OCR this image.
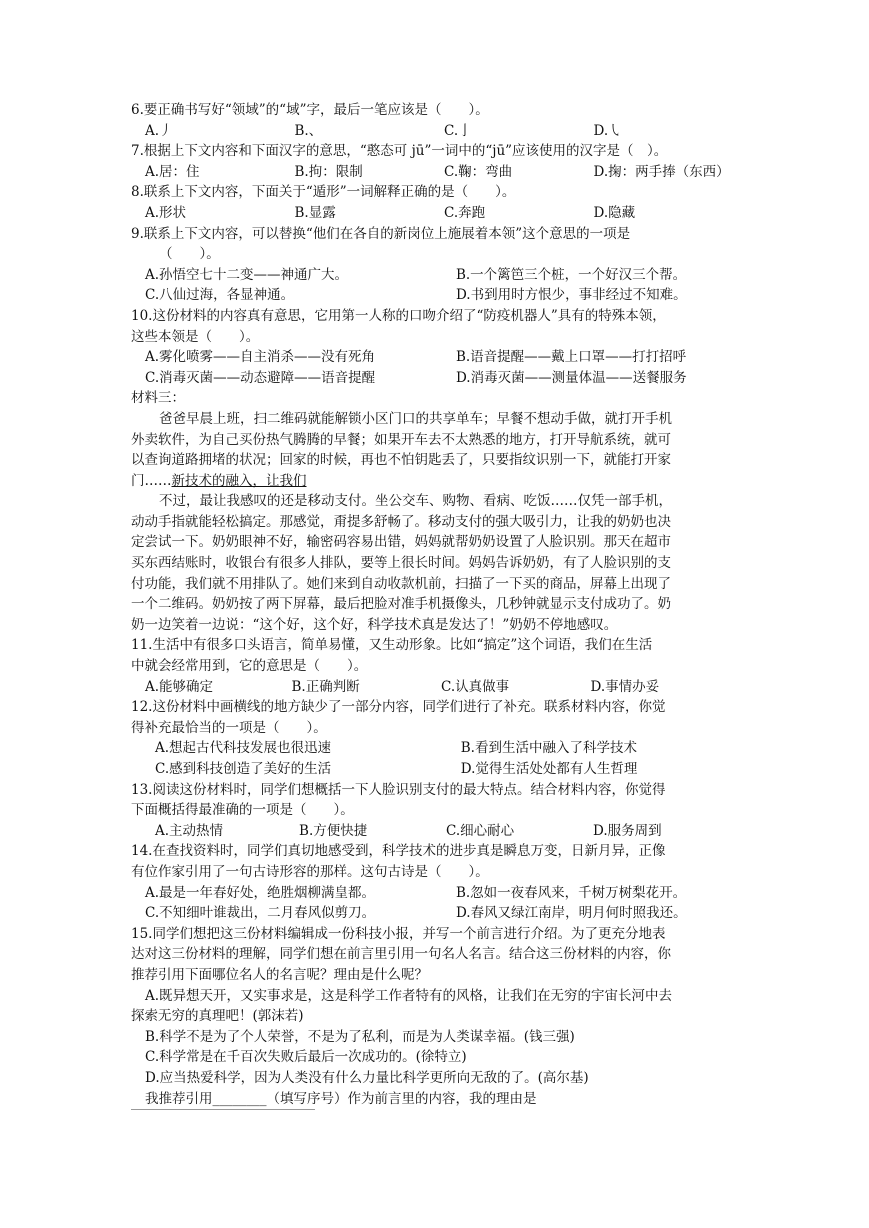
6.要正确书写好“领域”的“域”字，最后一笔应该是（　　）。

A.丿	B.、	C.亅	D.㇂

7.根据上下文内容和下面汉字的意思，“憨态可 jū”一词中的“jū”应该使用的汉字是（　）。

A.居：住	B.拘：限制	C.鞠：弯曲	D.掬：两手捧（东西）

8.联系上下文内容，下面关于“遁形”一词解释正确的是（　　）。

A.形状	B.显露	C.奔跑	D.隐藏

9.联系上下文内容，可以替换“他们在各自的新岗位上施展着本领”这个意思的一项是

（　　）。

A.孙悟空七十二变——神通广大。	B.一个篱笆三个桩，一个好汉三个帮。
C.八仙过海，各显神通。	D.书到用时方恨少，事非经过不知难。

10.这份材料的内容真有意思，它用第一人称的口吻介绍了“防疫机器人”具有的特殊本领，

这些本领是（　　）。

A.雾化喷雾——自主消杀——没有死角	B.语音提醒——戴上口罩——打打招呼
C.消毒灭菌——动态避障——语音提醒	D.消毒灭菌——测量体温——送餐服务

材料三：

爸爸早晨上班，扫二维码就能解锁小区门口的共享单车；早餐不想动手做，就打开手机

外卖软件，为自己买份热气腾腾的早餐；如果开车去不太熟悉的地方，打开导航系统，就可

以查询道路拥堵的状况；回家的时候，再也不怕钥匙丢了，只要指纹识别一下，就能打开家

门……新技术的融入，让我们

不过，最让我感叹的还是移动支付。坐公交车、购物、看病、吃饭……仅凭一部手机，

动动手指就能轻松搞定。那感觉，甭提多舒畅了。移动支付的强大吸引力，让我的奶奶也决

定尝试一下。奶奶眼神不好，输密码容易出错，妈妈就帮奶奶设置了人脸识别。那天在超市

买东西结账时，收银台有很多人排队，要等上很长时间。妈妈告诉奶奶，有了人脸识别的支

付功能，我们就不用排队了。她们来到自动收款机前，扫描了一下买的商品，屏幕上出现了

一个二维码。奶奶按了两下屏幕，最后把脸对准手机摄像头，几秒钟就显示支付成功了。奶

奶一边笑着一边说：“这个好，这个好，科学技术真是发达了！”奶奶不停地感叹。

11.生活中有很多口头语言，简单易懂，又生动形象。比如“搞定”这个词语，我们在生活

中就会经常用到，它的意思是（　　）。

A.能够确定	B.正确判断	C.认真做事	D.事情办妥

12.这份材料中画横线的地方缺少了一部分内容，同学们进行了补充。联系材料内容，你觉

得补充最恰当的一项是（　　）。

A.想起古代科技发展也很迅速	B.看到生活中融入了科学技术
C.感到科技创造了美好的生活	D.觉得生活处处都有人生哲理

13.阅读这份材料时，同学们想概括一下人脸识别支付的最大特点。结合材料内容，你觉得

下面概括得最准确的一项是（　　）。

A.主动热情	B.方便快捷	C.细心耐心	D.服务周到

14.在查找资料时，同学们真切地感受到，科学技术的进步真是瞬息万变，日新月异，正像

有位作家引用了一句古诗形容的那样。这句古诗是（　　）。

A.最是一年春好处，绝胜烟柳满皇都。	B.忽如一夜春风来，千树万树梨花开。
C.不知细叶谁裁出，二月春风似剪刀。	D.春风又绿江南岸，明月何时照我还。

15.同学们想把这三份材料编辑成一份科技小报，并写一个前言进行介绍。为了更充分地表

达对这三份材料的理解，同学们想在前言里引用一句名人名言。结合这三份材料的内容，你

推荐引用下面哪位名人的名言呢？理由是什么呢？

A.既异想天开，又实事求是，这是科学工作者特有的风格，让我们在无穷的宇宙长河中去

探索无穷的真理吧！(郭沫若)

B.科学不是为了个人荣誉，不是为了私利，而是为人类谋幸福。(钱三强)

C.科学常是在千百次失败后最后一次成功的。(徐特立)

D.应当热爱科学，因为人类没有什么力量比科学更所向无敌的了。(高尔基)

我推荐引用________（填写序号）作为前言里的内容，我的理由是
